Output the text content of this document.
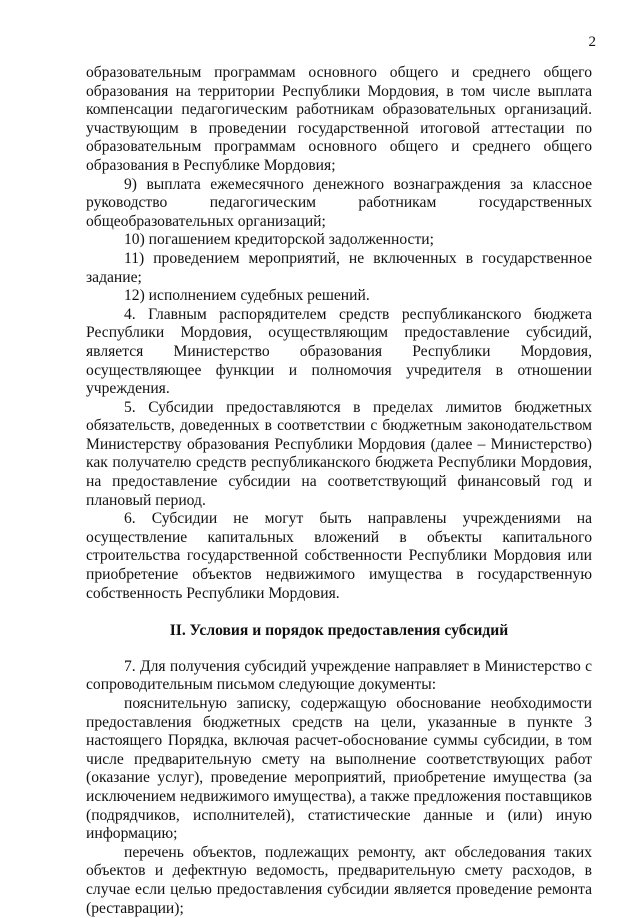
2

образовательным программам основного общего и среднего общего образования на территории Республики Мордовия, в том числе выплата компенсации педагогическим работникам образовательных организаций. участвующим в проведении государственной итоговой аттестации по образовательным программам основного общего и среднего общего образования в Республике Мордовия;

9) выплата ежемесячного денежного вознаграждения за классное руководство педагогическим работникам государственных общеобразовательных организаций;

10) погашением кредиторской задолженности;

11) проведением мероприятий, не включенных в государственное задание;

12) исполнением судебных решений.

4. Главным распорядителем средств республиканского бюджета Республики Мордовия, осуществляющим предоставление субсидий, является Министерство образования Республики Мордовия, осуществляющее функции и полномочия учредителя в отношении учреждения.

5. Субсидии предоставляются в пределах лимитов бюджетных обязательств, доведенных в соответствии с бюджетным законодательством Министерству образования Республики Мордовия (далее – Министерство) как получателю средств республиканского бюджета Республики Мордовия, на предоставление субсидии на соответствующий финансовый год и плановый период.

6. Субсидии не могут быть направлены учреждениями на осуществление капитальных вложений в объекты капитального строительства государственной собственности Республики Мордовия или приобретение объектов недвижимого имущества в государственную собственность Республики Мордовия.

II. Условия и порядок предоставления субсидий

7. Для получения субсидий учреждение направляет в Министерство с сопроводительным письмом следующие документы:

пояснительную записку, содержащую обоснование необходимости предоставления бюджетных средств на цели, указанные в пункте 3 настоящего Порядка, включая расчет-обоснование суммы субсидии, в том числе предварительную смету на выполнение соответствующих работ (оказание услуг), проведение мероприятий, приобретение имущества (за исключением недвижимого имущества), а также предложения поставщиков (подрядчиков, исполнителей), статистические данные и (или) иную информацию;

перечень объектов, подлежащих ремонту, акт обследования таких объектов и дефектную ведомость, предварительную смету расходов, в случае если целью предоставления субсидии является проведение ремонта (реставрации);
